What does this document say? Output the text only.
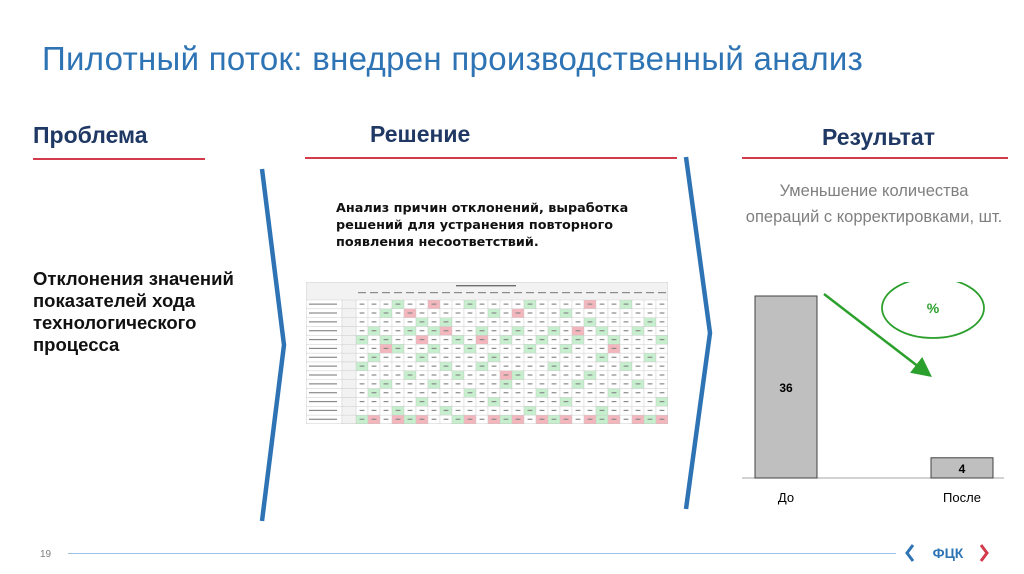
Пилотный поток: внедрен производственный анализ
Проблема
Отклонения значений показателей хода технологического процесса
Решение
Анализ причин отклонений, выработка решений для устранения повторного появления несоответствий.
Результат
Уменьшение количества операций с корректировками, шт.
36
До
4
После
%
19	ФЦК
